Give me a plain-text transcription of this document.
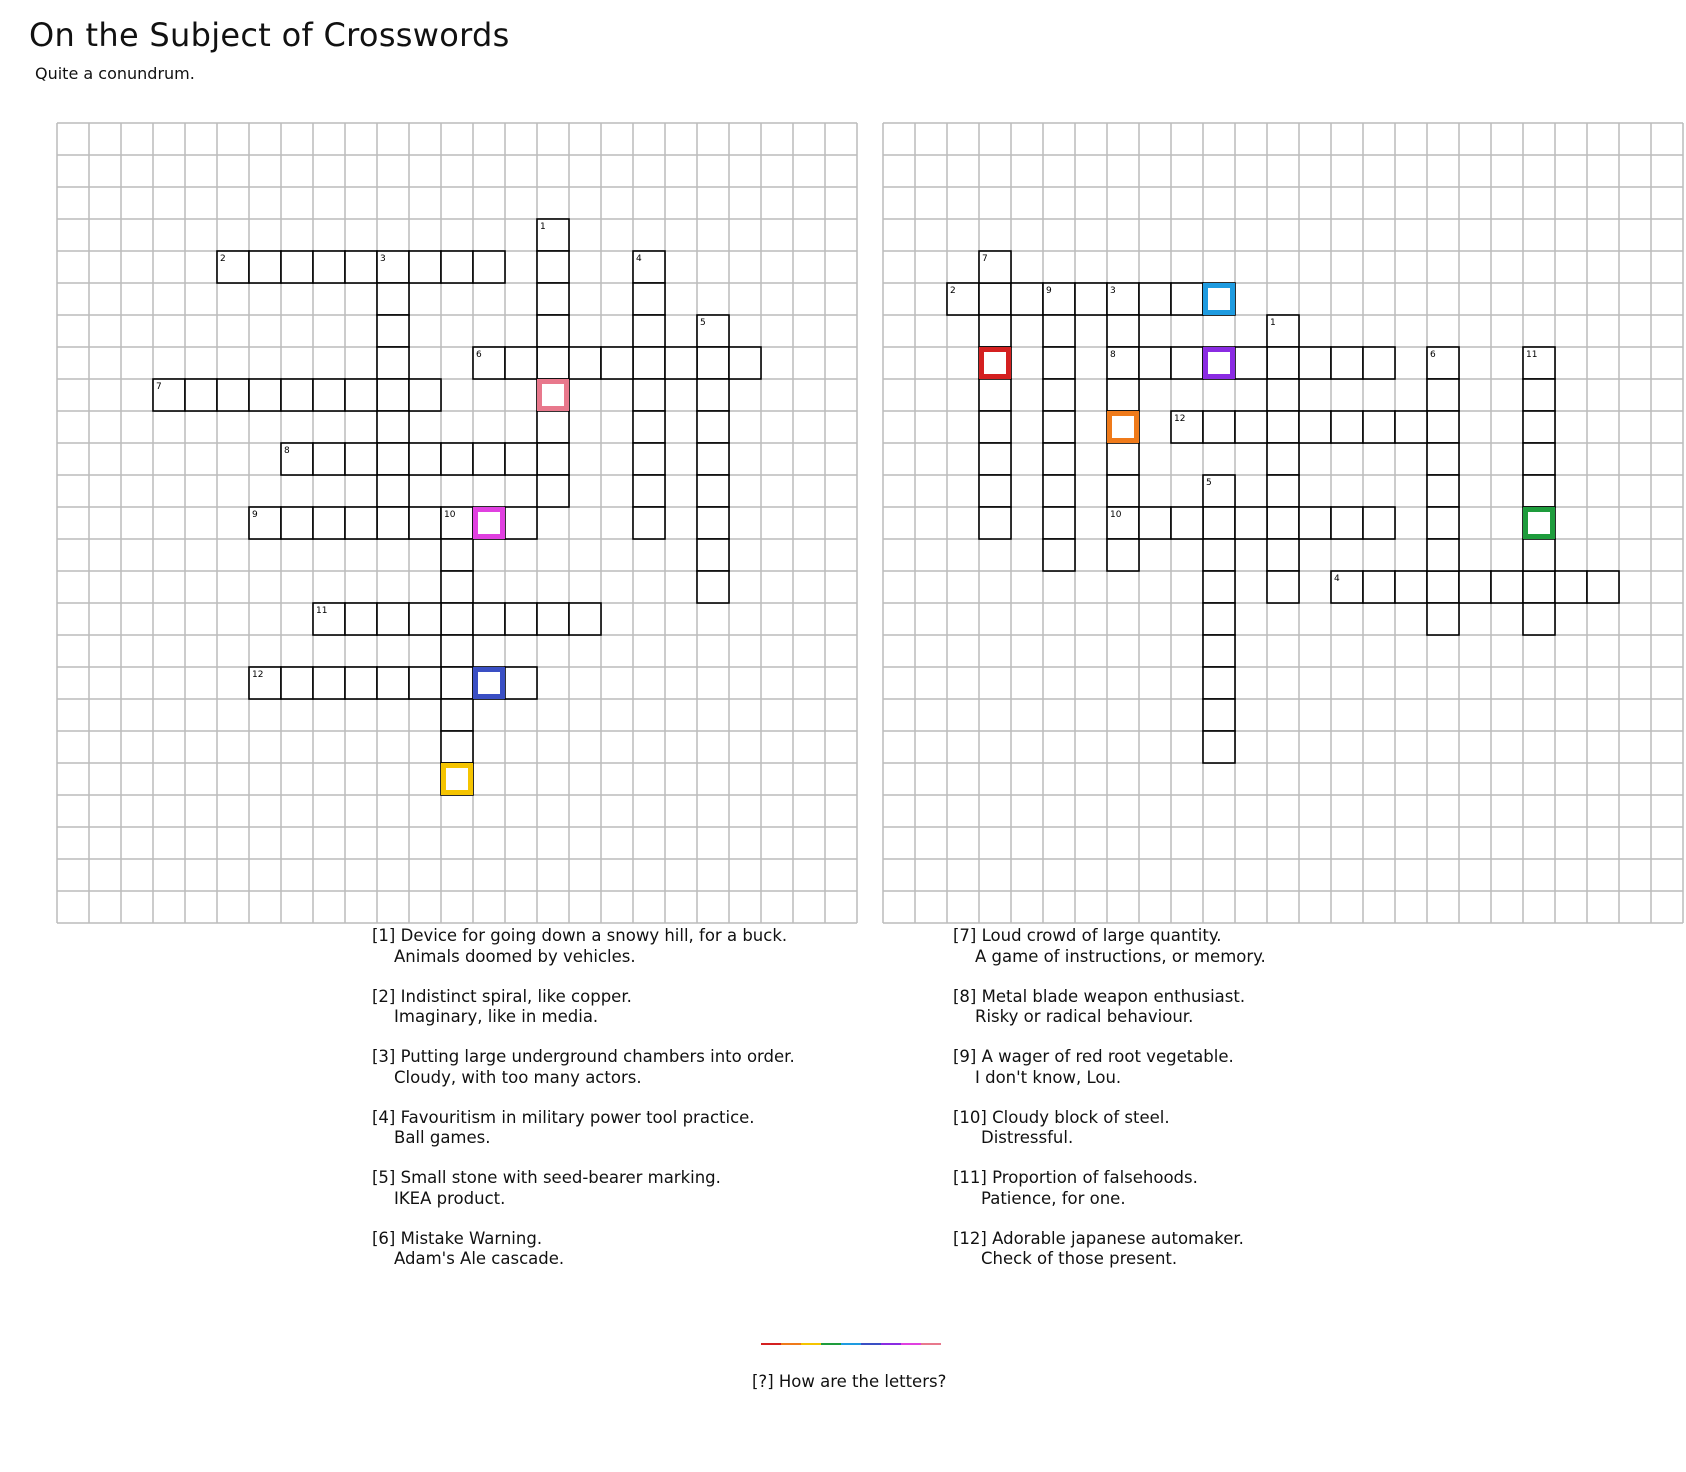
On the Subject of Crosswords
Quite a conundrum.
1
2	3	4
5
6
7
8
9	10
11
12
1
2	3
4
5
6
7
8
9
10
11
12
[1] Device for going down a snowy hill, for a buck.
Animals doomed by vehicles.
[2] Indistinct spiral, like copper.
Imaginary, like in media.
[3] Putting large underground chambers into order.
Cloudy, with too many actors.
[4] Favouritism in military power tool practice.
Ball games.
[5] Small stone with seed-bearer marking.
IKEA product.
[6] Mistake Warning.
Adam's Ale cascade.
[7] Loud crowd of large quantity.
A game of instructions, or memory.
[8] Metal blade weapon enthusiast.
Risky or radical behaviour.
[9] A wager of red root vegetable.
I don't know, Lou.
[10] Cloudy block of steel.
Distressful.
[11] Proportion of falsehoods.
Patience, for one.
[12] Adorable japanese automaker.
Check of those present.
[?] How are the letters?
